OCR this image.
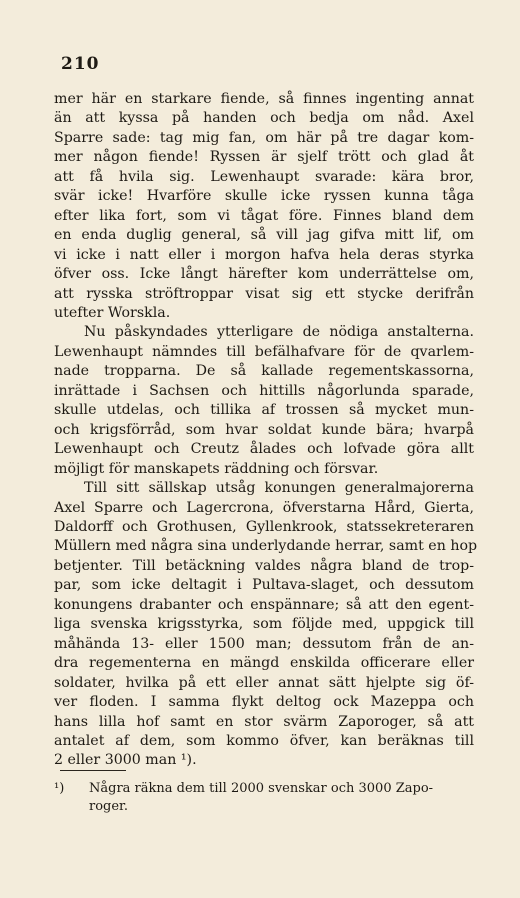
210
mer här en starkare fiende, så finnes ingenting annat
än att kyssa på handen och bedja om nåd. Axel
Sparre sade: tag mig fan, om här på tre dagar kom-
mer någon fiende! Ryssen är sjelf trött och glad åt
att få hvila sig. Lewenhaupt svarade: kära bror,
svär icke! Hvarföre skulle icke ryssen kunna tåga
efter lika fort, som vi tågat före. Finnes bland dem
en enda duglig general, så vill jag gifva mitt lif, om
vi icke i natt eller i morgon hafva hela deras styrka
öfver oss. Icke långt härefter kom underrättelse om,
att rysska ströftroppar visat sig ett stycke derifrån
utefter Worskla.
Nu påskyndades ytterligare de nödiga anstalterna.
Lewenhaupt nämndes till befälhafvare för de qvarlem-
nade tropparna. De så kallade regementskassorna,
inrättade i Sachsen och hittills någorlunda sparade,
skulle utdelas, och tillika af trossen så mycket mun-
och krigsförråd, som hvar soldat kunde bära; hvarpå
Lewenhaupt och Creutz ålades och lofvade göra allt
möjligt för manskapets räddning och försvar.
Till sitt sällskap utsåg konungen generalmajorerna
Axel Sparre och Lagercrona, öfverstarna Hård, Gierta,
Daldorff och Grothusen, Gyllenkrook, statssekreteraren
Müllern med några sina underlydande herrar, samt en hop
betjenter. Till betäckning valdes några bland de trop-
par, som icke deltagit i Pultava-slaget, och dessutom
konungens drabanter och enspännare; så att den egent-
liga svenska krigsstyrka, som följde med, uppgick till
måhända 13- eller 1500 man; dessutom från de an-
dra regementerna en mängd enskilda officerare eller
soldater, hvilka på ett eller annat sätt hjelpte sig öf-
ver floden. I samma flykt deltog ock Mazeppa och
hans lilla hof samt en stor svärm Zaporoger, så att
antalet af dem, som kommo öfver, kan beräknas till
2 eller 3000 man ¹).
¹) Några räkna dem till 2000 svenskar och 3000 Zapo-
roger.
